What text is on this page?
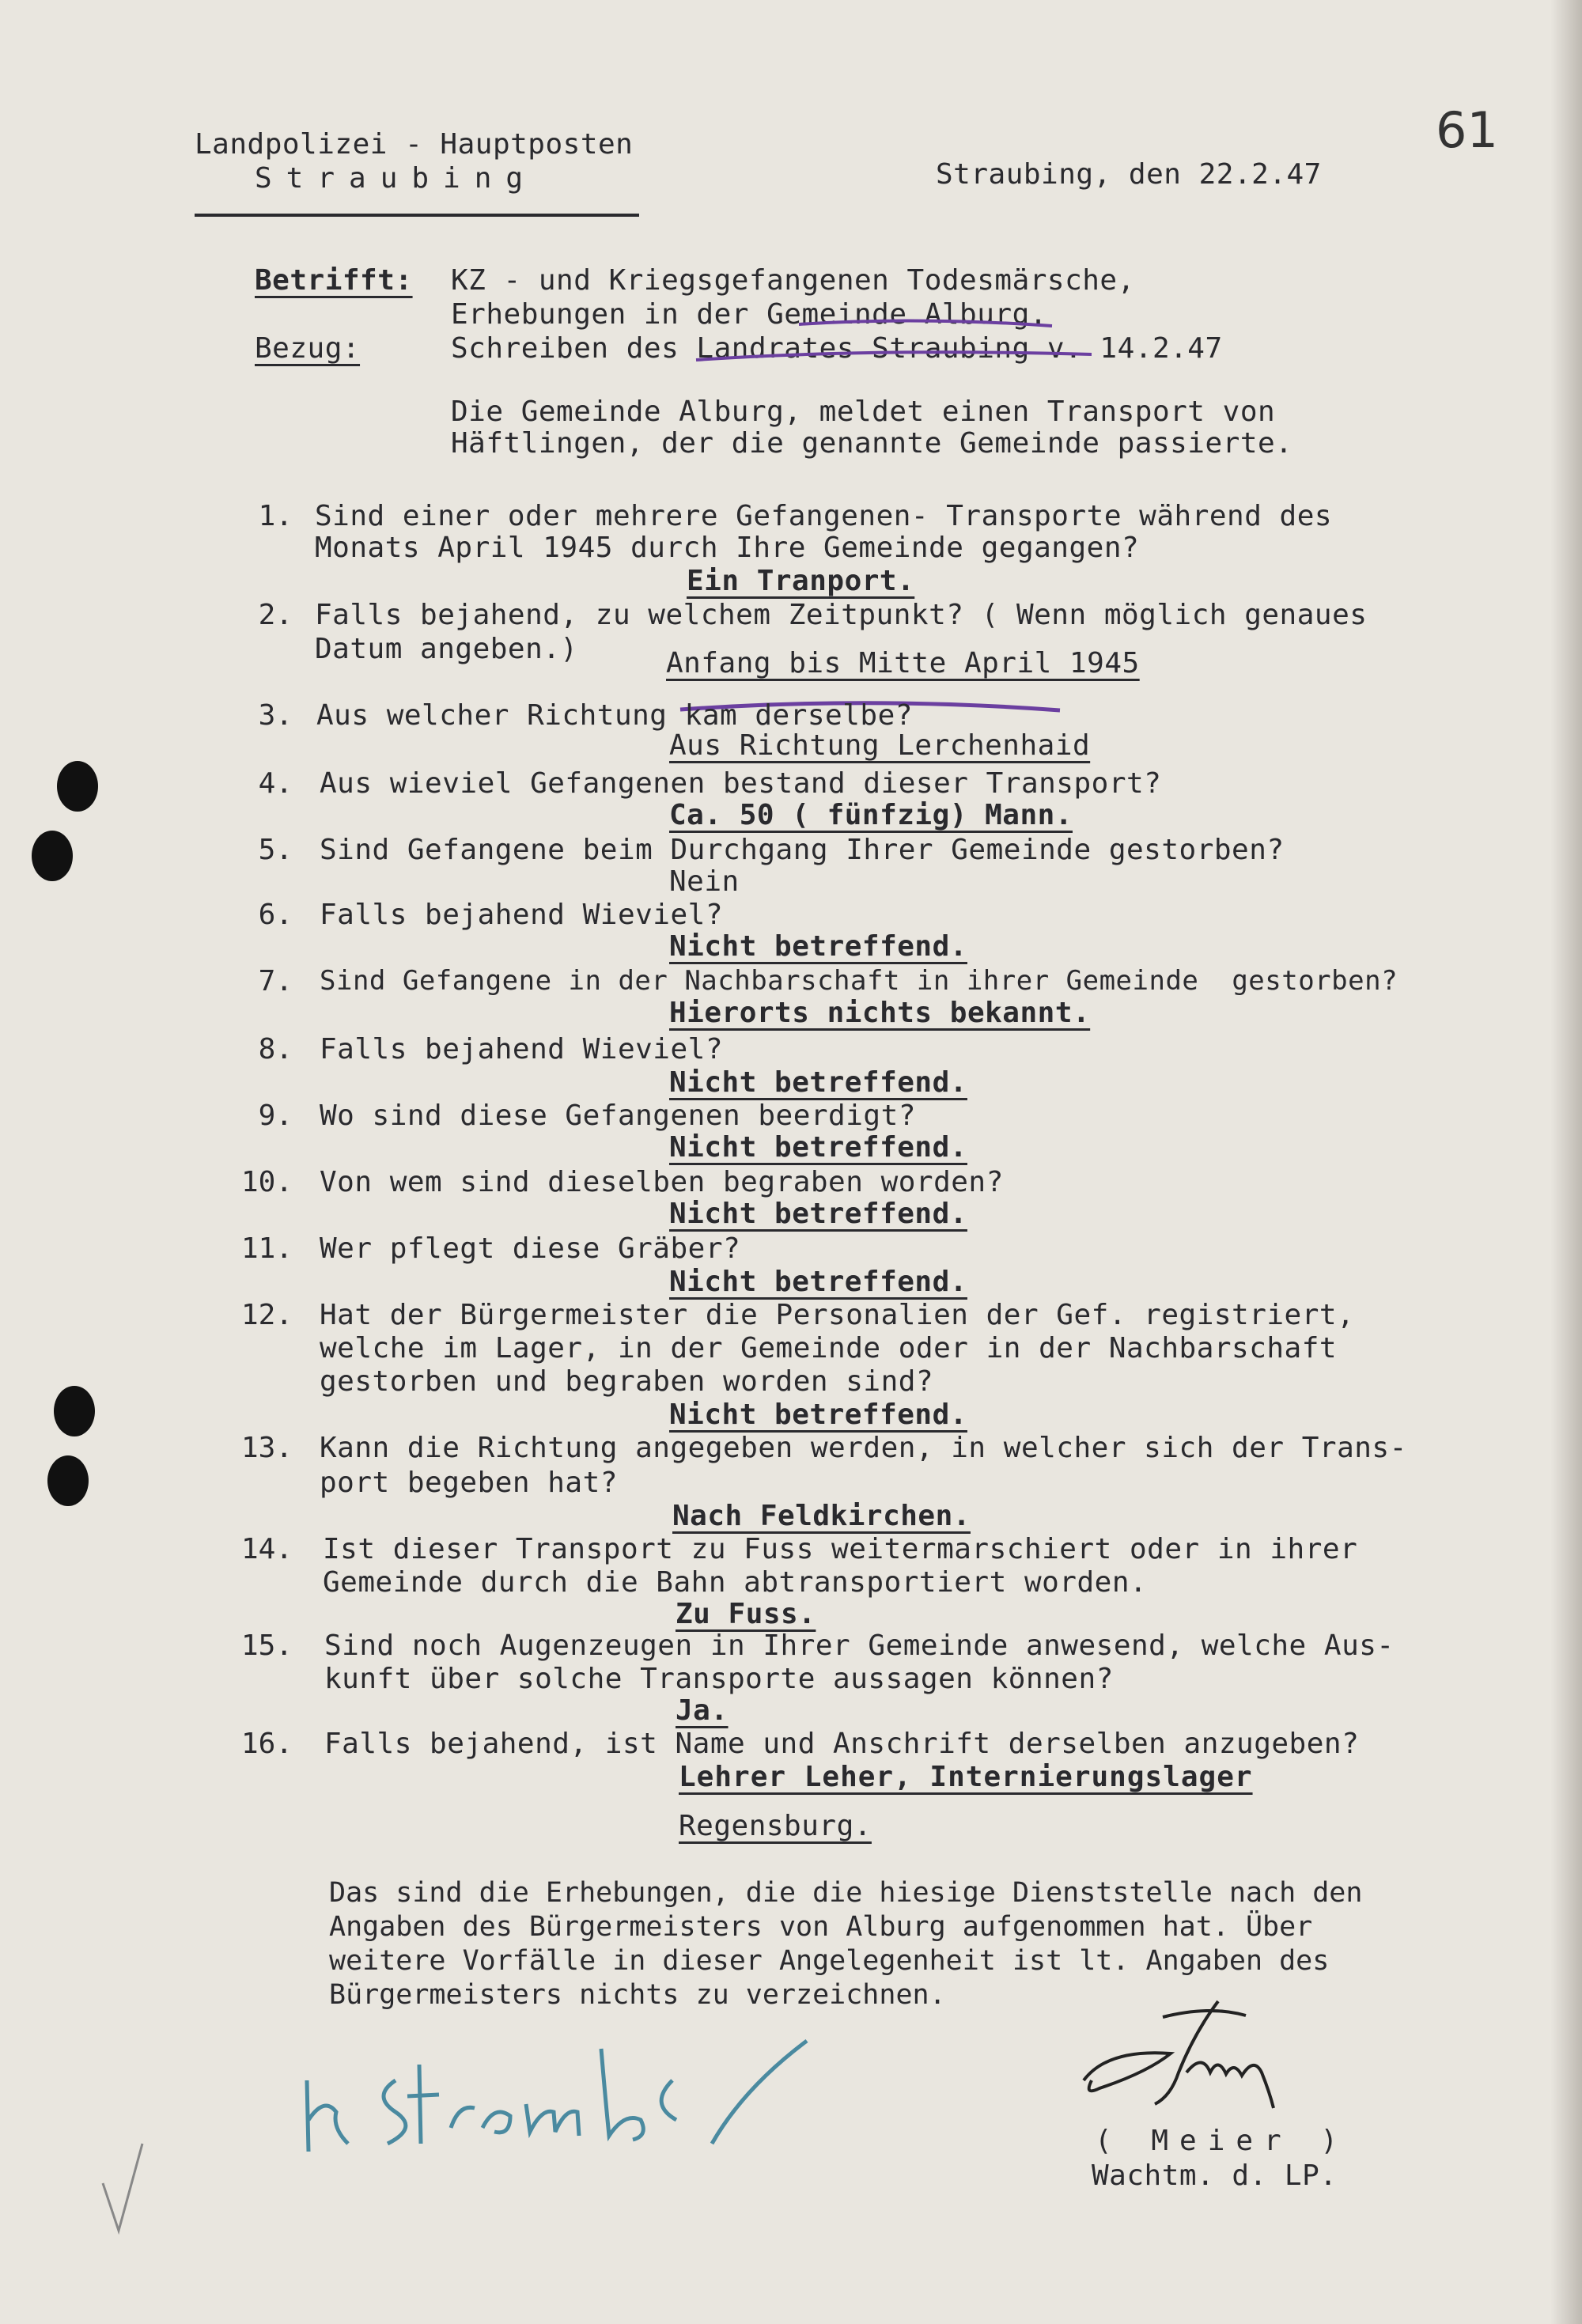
61
Landpolizei - Hauptposten
Straubing	Straubing, den 22.2.47
Betrifft: KZ - und Kriegsgefangenen Todesmärsche,
Erhebungen in der Gemeinde Alburg.
Bezug:	Schreiben des Landrates Straubing v. 14.2.47
Die Gemeinde Alburg, meldet einen Transport von
Häftlingen, der die genannte Gemeinde passierte.
1. Sind einer oder mehrere Gefangenen- Transporte während des
Monats April 1945 durch Ihre Gemeinde gegangen?
Ein Tranport.
2. Falls bejahend, zu welchem Zeitpunkt? ( Wenn möglich genaues
Datum angeben.)	Anfang bis Mitte April 1945
3. Aus welcher Richtung kam derselbe?
Aus Richtung Lerchenhaid
4. Aus wieviel Gefangenen bestand dieser Transport?
Ca. 50 ( fünfzig) Mann.
5. Sind Gefangene beim Durchgang Ihrer Gemeinde gestorben?
Nein
6. Falls bejahend Wieviel?
Nicht betreffend.
7. Sind Gefangene in der Nachbarschaft in ihrer Gemeinde  gestorben?
Hierorts nichts bekannt.
8. Falls bejahend Wieviel?
Nicht betreffend.
9. Wo sind diese Gefangenen beerdigt?
Nicht betreffend.
10. Von wem sind dieselben begraben worden?
Nicht betreffend.
11. Wer pflegt diese Gräber?
Nicht betreffend.
12. Hat der Bürgermeister die Personalien der Gef. registriert,
welche im Lager, in der Gemeinde oder in der Nachbarschaft
gestorben und begraben worden sind?
Nicht betreffend.
13. Kann die Richtung angegeben werden, in welcher sich der Trans-
port begeben hat?
Nach Feldkirchen.
14. Ist dieser Transport zu Fuss weitermarschiert oder in ihrer
Gemeinde durch die Bahn abtransportiert worden.
Zu Fuss.
15. Sind noch Augenzeugen in Ihrer Gemeinde anwesend, welche Aus-
kunft über solche Transporte aussagen können?
Ja.
16. Falls bejahend, ist Name und Anschrift derselben anzugeben?
Lehrer Leher, Internierungslager
Regensburg.
Das sind die Erhebungen, die die hiesige Dienststelle nach den
Angaben des Bürgermeisters von Alburg aufgenommen hat. Über
weitere Vorfälle in dieser Angelegenheit ist lt. Angaben des
Bürgermeisters nichts zu verzeichnen.
( Meier )
Wachtm. d. LP.
